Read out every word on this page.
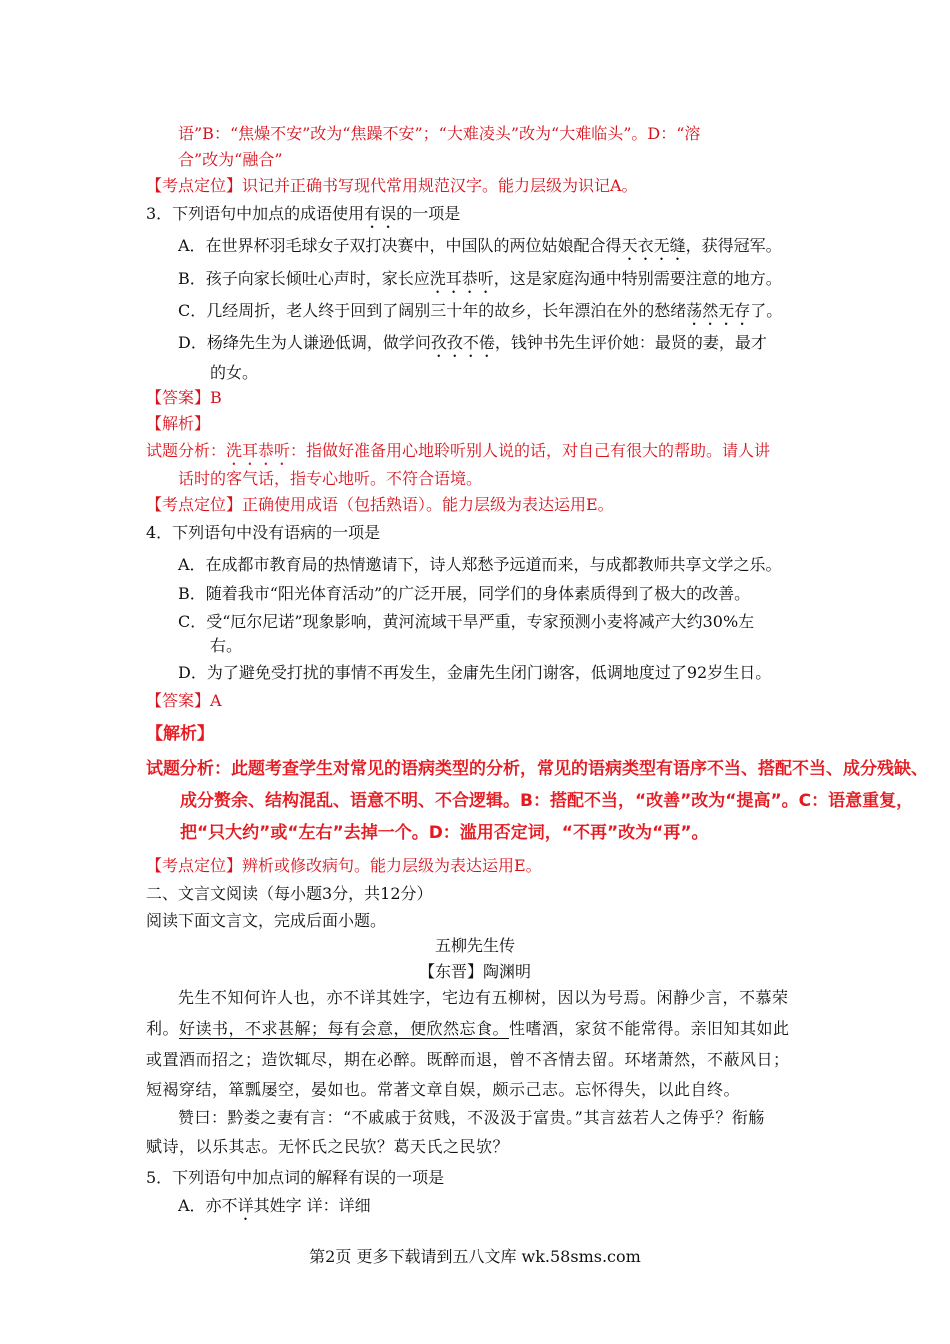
语”B：“焦燥不安”改为“焦躁不安”；“大难凌头”改为“大难临头”。D：“溶
合”改为“融合”
【考点定位】识记并正确书写现代常用规范汉字。能力层级为识记A。
3．下列语句中加点的成语使用有误的一项是
A．在世界杯羽毛球女子双打决赛中，中国队的两位姑娘配合得天衣无缝，获得冠军。
B．孩子向家长倾吐心声时，家长应洗耳恭听，这是家庭沟通中特别需要注意的地方。
C．几经周折，老人终于回到了阔别三十年的故乡，长年漂泊在外的愁绪荡然无存了。
D．杨绛先生为人谦逊低调，做学问孜孜不倦，钱钟书先生评价她：最贤的妻，最才
的女。
【答案】B
【解析】
试题分析：洗耳恭听：指做好准备用心地聆听别人说的话，对自己有很大的帮助。请人讲
话时的客气话，指专心地听。不符合语境。
【考点定位】正确使用成语（包括熟语）。能力层级为表达运用E。
4．下列语句中没有语病的一项是
A．在成都市教育局的热情邀请下，诗人郑愁予远道而来，与成都教师共享文学之乐。
B．随着我市“阳光体育活动”的广泛开展，同学们的身体素质得到了极大的改善。
C．受“厄尔尼诺”现象影响，黄河流域干旱严重，专家预测小麦将减产大约30%左
右。
D．为了避免受打扰的事情不再发生，金庸先生闭门谢客，低调地度过了92岁生日。
【答案】A
【解析】
试题分析：此题考查学生对常见的语病类型的分析，常见的语病类型有语序不当、搭配不当、成分残缺、
成分赘余、结构混乱、语意不明、不合逻辑。B：搭配不当，“改善”改为“提高”。C：语意重复，
把“只大约”或“左右”去掉一个。D：滥用否定词，“不再”改为“再”。
【考点定位】辨析或修改病句。能力层级为表达运用E。
二、文言文阅读（每小题3分，共12分）
阅读下面文言文，完成后面小题。
五柳先生传
【东晋】陶渊明
先生不知何许人也，亦不详其姓字，宅边有五柳树，因以为号焉。闲静少言，不慕荣
利。好读书，不求甚解；每有会意，便欣然忘食。性嗜酒，家贫不能常得。亲旧知其如此
或置酒而招之；造饮辄尽，期在必醉。既醉而退，曾不吝情去留。环堵萧然，不蔽风日；
短褐穿结，箪瓢屡空，晏如也。常著文章自娱，颇示己志。忘怀得失，以此自终。
赞曰：黔娄之妻有言：“不戚戚于贫贱，不汲汲于富贵。”其言兹若人之俦乎？衔觞
赋诗，以乐其志。无怀氏之民欤？葛天氏之民欤？
5．下列语句中加点词的解释有误的一项是
A．亦不详其姓字 详：详细
第2页 更多下载请到五八文库 wk.58sms.com
